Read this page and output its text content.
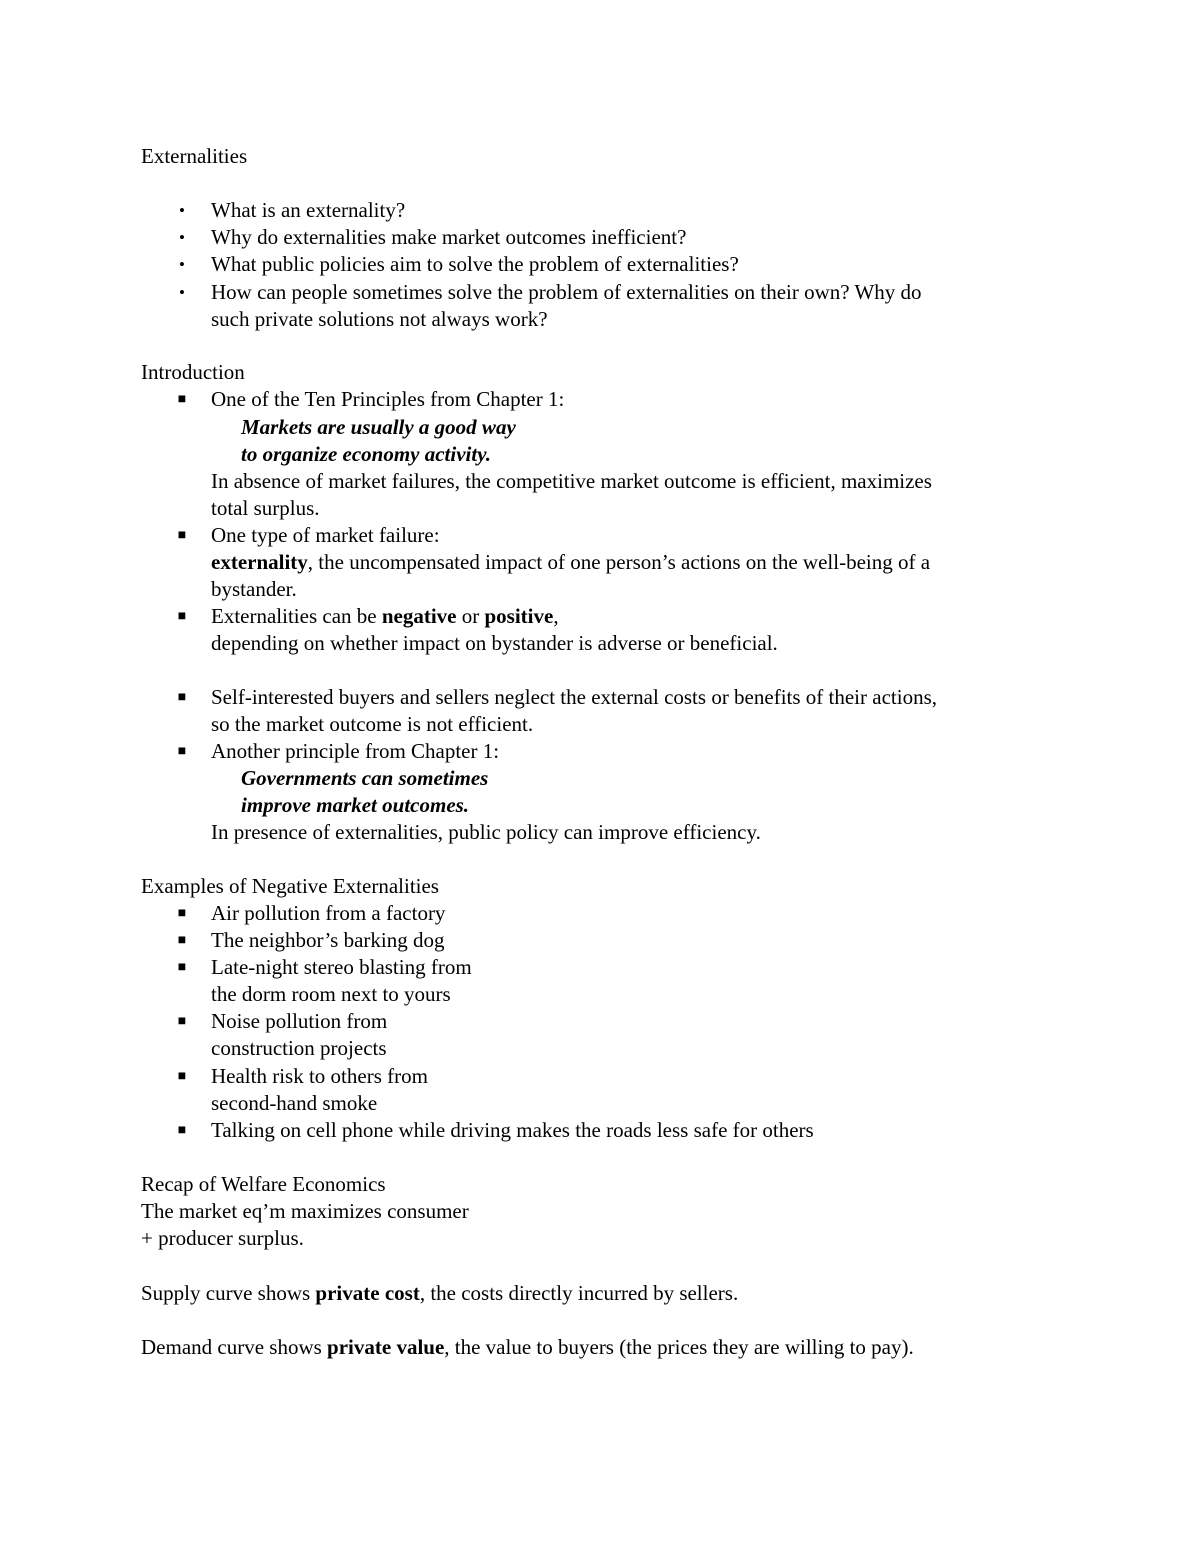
Externalities
• What is an externality?
• Why do externalities make market outcomes inefficient?
• What public policies aim to solve the problem of externalities?
• How can people sometimes solve the problem of externalities on their own? Why do
such private solutions not always work?
Introduction
■ One of the Ten Principles from Chapter 1:
Markets are usually a good way
to organize economy activity.
In absence of market failures, the competitive market outcome is efficient, maximizes
total surplus.
■ One type of market failure:
externality, the uncompensated impact of one person’s actions on the well-being of a
bystander.
■ Externalities can be negative or positive,
depending on whether impact on bystander is adverse or beneficial.
■ Self-interested buyers and sellers neglect the external costs or benefits of their actions,
so the market outcome is not efficient.
■ Another principle from Chapter 1:
Governments can sometimes
improve market outcomes.
In presence of externalities, public policy can improve efficiency.
Examples of Negative Externalities
■ Air pollution from a factory
■ The neighbor’s barking dog
■ Late-night stereo blasting from
the dorm room next to yours
■ Noise pollution from
construction projects
■ Health risk to others from
second-hand smoke
■ Talking on cell phone while driving makes the roads less safe for others
Recap of Welfare Economics
The market eq’m maximizes consumer
+ producer surplus.
Supply curve shows private cost, the costs directly incurred by sellers.
Demand curve shows private value, the value to buyers (the prices they are willing to pay).
